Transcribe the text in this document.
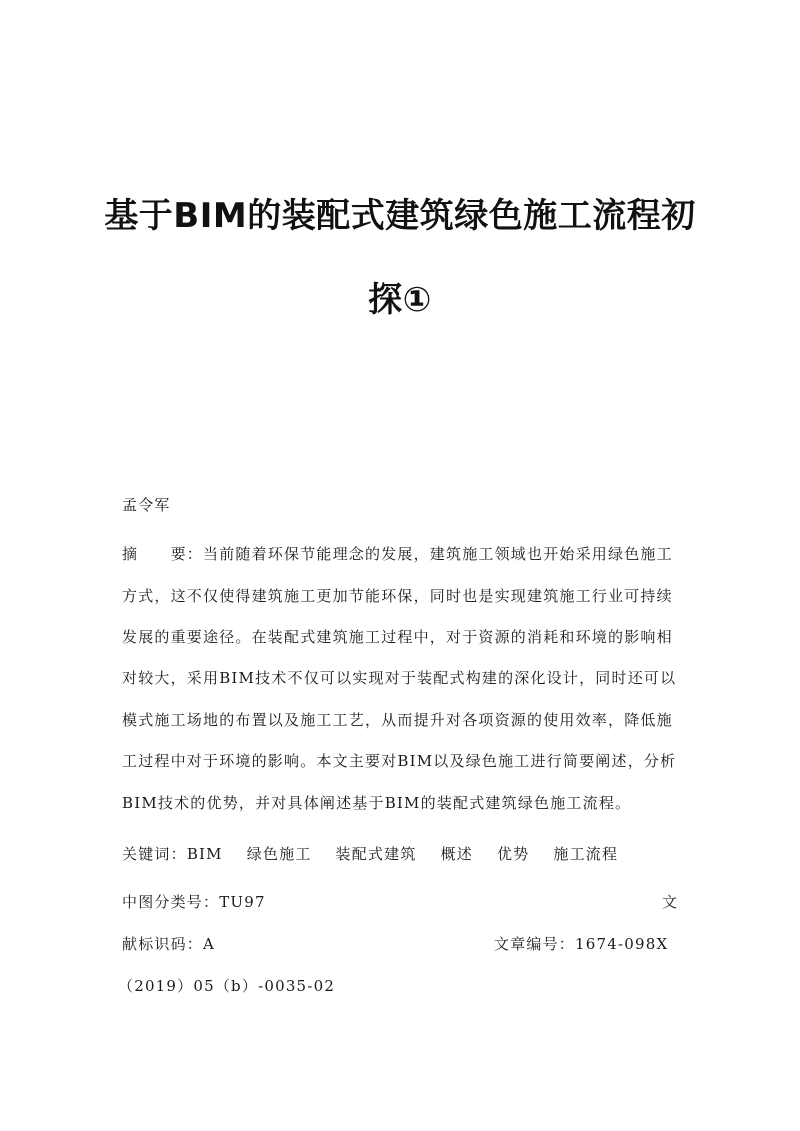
基于BIM的装配式建筑绿色施工流程初
探①
孟令军
摘　　要：当前随着环保节能理念的发展，建筑施工领域也开始采用绿色施工
方式，这不仅使得建筑施工更加节能环保，同时也是实现建筑施工行业可持续
发展的重要途径。在装配式建筑施工过程中，对于资源的消耗和环境的影响相
对较大，采用BIM技术不仅可以实现对于装配式构建的深化设计，同时还可以
模式施工场地的布置以及施工工艺，从而提升对各项资源的使用效率，降低施
工过程中对于环境的影响。本文主要对BIM以及绿色施工进行简要阐述，分析
BIM技术的优势，并对具体阐述基于BIM的装配式建筑绿色施工流程。
关键词：BIM 绿色施工 装配式建筑 概述 优势 施工流程
中图分类号：TU97	文
献标识码：A	文章编号：1674-098X
（2019）05（b）-0035-02
